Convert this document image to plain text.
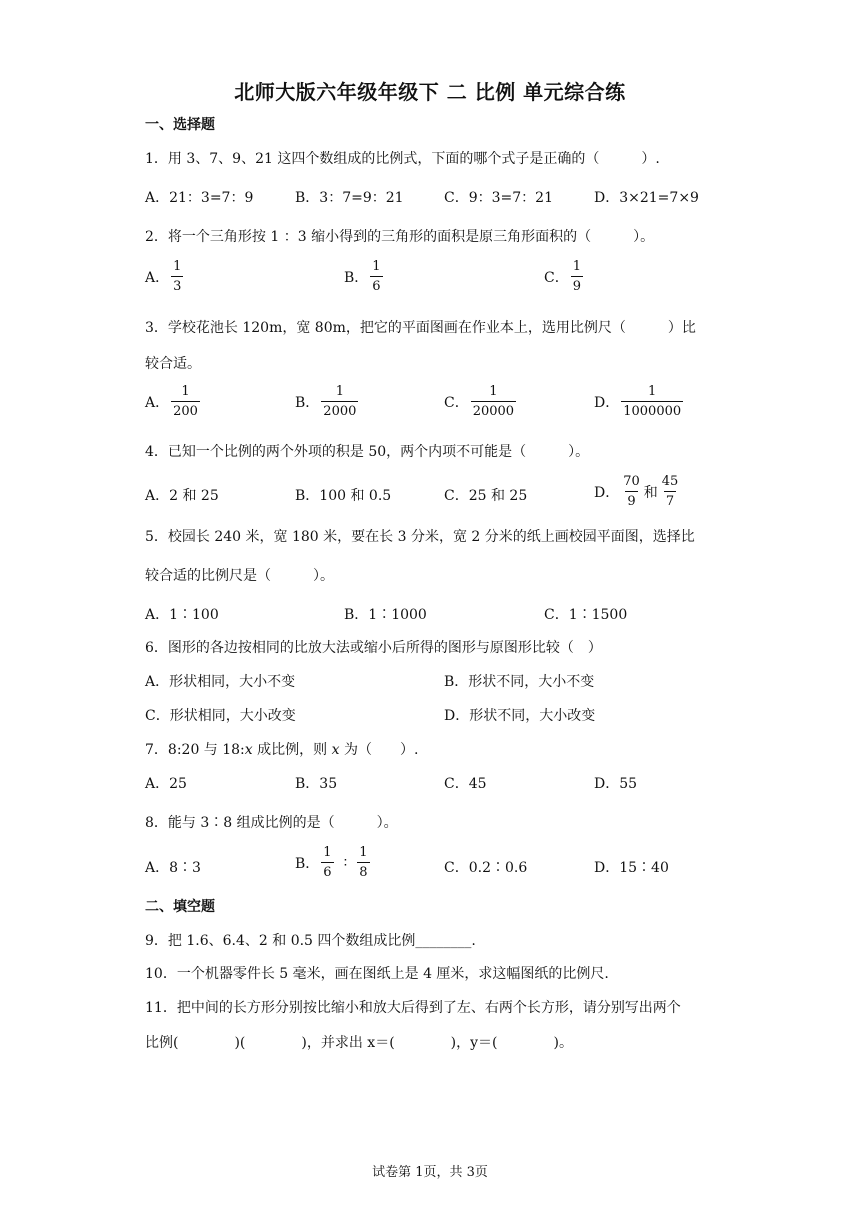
北师大版六年级年级下 二 比例 单元综合练
一、选择题
1．用 3、7、9、21 这四个数组成的比例式，下面的哪个式子是正确的（　　　）.
A．21：3=7：9	B．3：7=9：21	C．9：3=7：21	D．3×21=7×9
2．将一个三角形按 1 ：3 缩小得到的三角形的面积是原三角形面积的（　　　）。
A． $\frac{1}{3}$	B． $\frac{1}{6}$	C． $\frac{1}{9}$
3．学校花池长 120m，宽 80m，把它的平面图画在作业本上，选用比例尺（　　　）比
较合适。
A． $\frac{1}{200}$	B． $\frac{1}{2000}$	C． $\frac{1}{20000}$	D． $\frac{1}{1000000}$
4．已知一个比例的两个外项的积是 50，两个内项不可能是（　　　）。
A．2 和 25	B．100 和 0.5	C．25 和 25	D． $\frac{70}{9}$ 和 $\frac{45}{7}$
5．校园长 240 米，宽 180 米，要在长 3 分米，宽 2 分米的纸上画校园平面图，选择比
较合适的比例尺是（　　　）。
A．1∶100	B．1∶1000	C．1∶1500
6．图形的各边按相同的比放大法或缩小后所得的图形与原图形比较（　）
A．形状相同，大小不变	B．形状不同，大小不变
C．形状相同，大小改变	D．形状不同，大小改变
7．8:20 与 18:x 成比例，则 x 为（　　）.
A．25	B．35	C．45	D．55
8．能与 3∶8 组成比例的是（　　　）。
A．8∶3	B． $\frac{1}{6}$ ∶ $\frac{1}{8}$	C．0.2∶0.6	D．15∶40
二、填空题
9．把 1.6、6.4、2 和 0.5 四个数组成比例________.
10．一个机器零件长 5 毫米，画在图纸上是 4 厘米，求这幅图纸的比例尺.
11．把中间的长方形分别按比缩小和放大后得到了左、右两个长方形，请分别写出两个
比例(　　　　)(　　　　)，并求出 x＝(　　　　)，y＝(　　　　)。
试卷第 1页，共 3页
